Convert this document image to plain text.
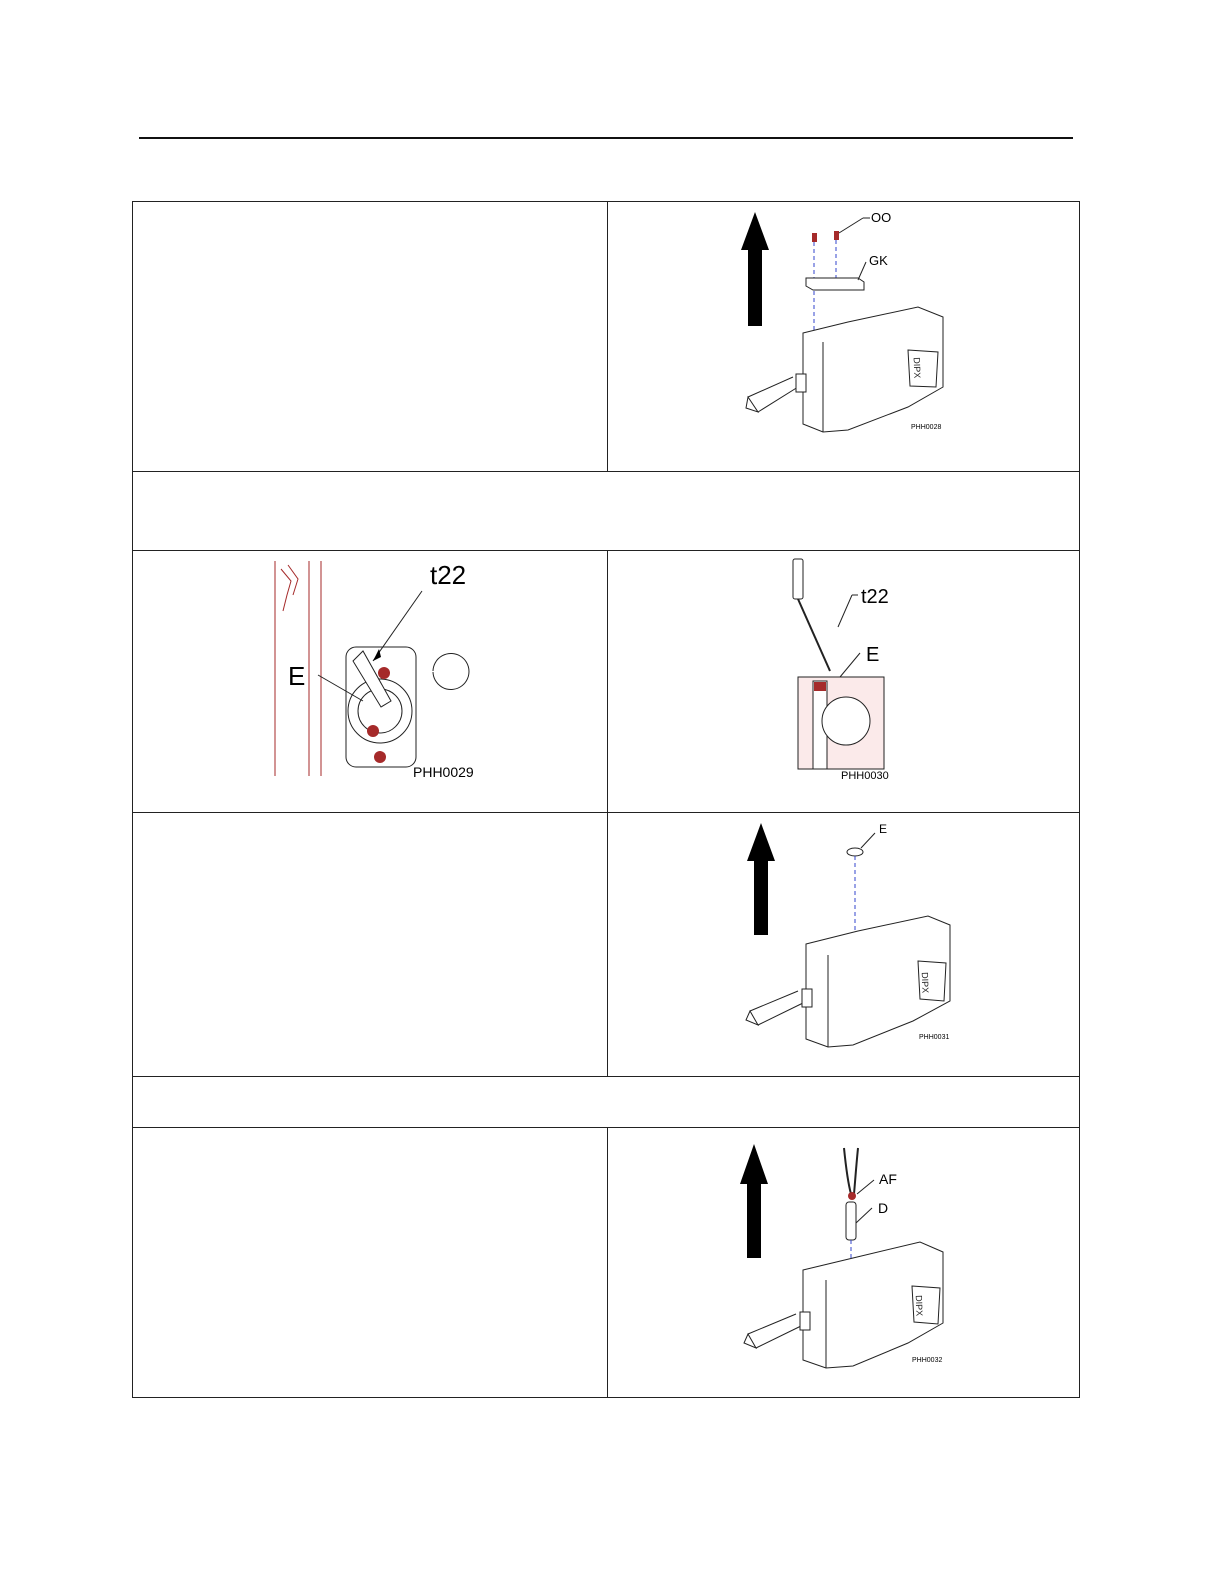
OO
GK
DIPX
PHH0028
t22
E
PHH0029
t22
E
PHH0030
E
DIPX
PHH0031
AF
D
DIPX
PHH0032
